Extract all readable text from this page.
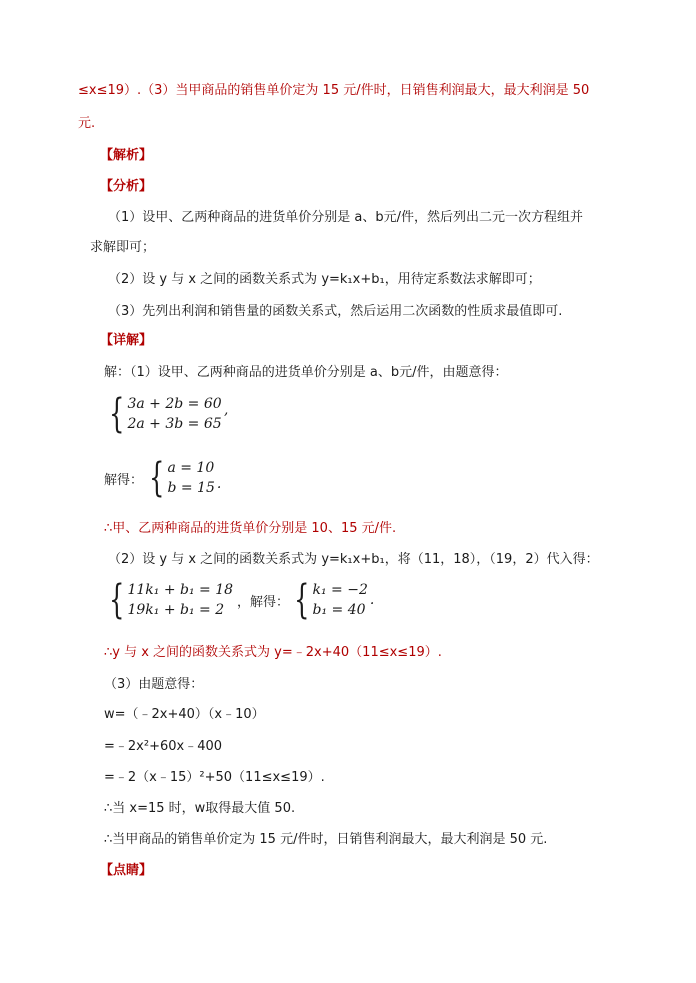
≤x≤19）.（3）当甲商品的销售单价定为 15 元/件时，日销售利润最大，最大利润是 50
元.
【解析】
【分析】
（1）设甲、乙两种商品的进货单价分别是 a、b元/件，然后列出二元一次方程组并
求解即可；
（2）设 y 与 x 之间的函数关系式为 y=k₁x+b₁，用待定系数法求解即可；
（3）先列出利润和销售量的函数关系式，然后运用二次函数的性质求最值即可.
【详解】
解：（1）设甲、乙两种商品的进货单价分别是 a、b元/件，由题意得：
{ 3a + 2b = 60
2a + 3b = 65 ’
解得： { a = 10
b = 15 .
∴甲、乙两种商品的进货单价分别是 10、15 元/件.
（2）设 y 与 x 之间的函数关系式为 y=k₁x+b₁，将（11，18），（19，2）代入得：
{ 11k₁ + b₁ = 18
19k₁ + b₁ = 2 ，解得： { k₁ = −2
b₁ = 40
.
∴y 与 x 之间的函数关系式为 y=﹣2x+40（11≤x≤19）.
（3）由题意得：
w=（﹣2x+40）（x﹣10）
=﹣2x²+60x﹣400
=﹣2（x﹣15）²+50（11≤x≤19）.
∴当 x=15 时，w取得最大值 50.
∴当甲商品的销售单价定为 15 元/件时，日销售利润最大，最大利润是 50 元.
【点睛】
